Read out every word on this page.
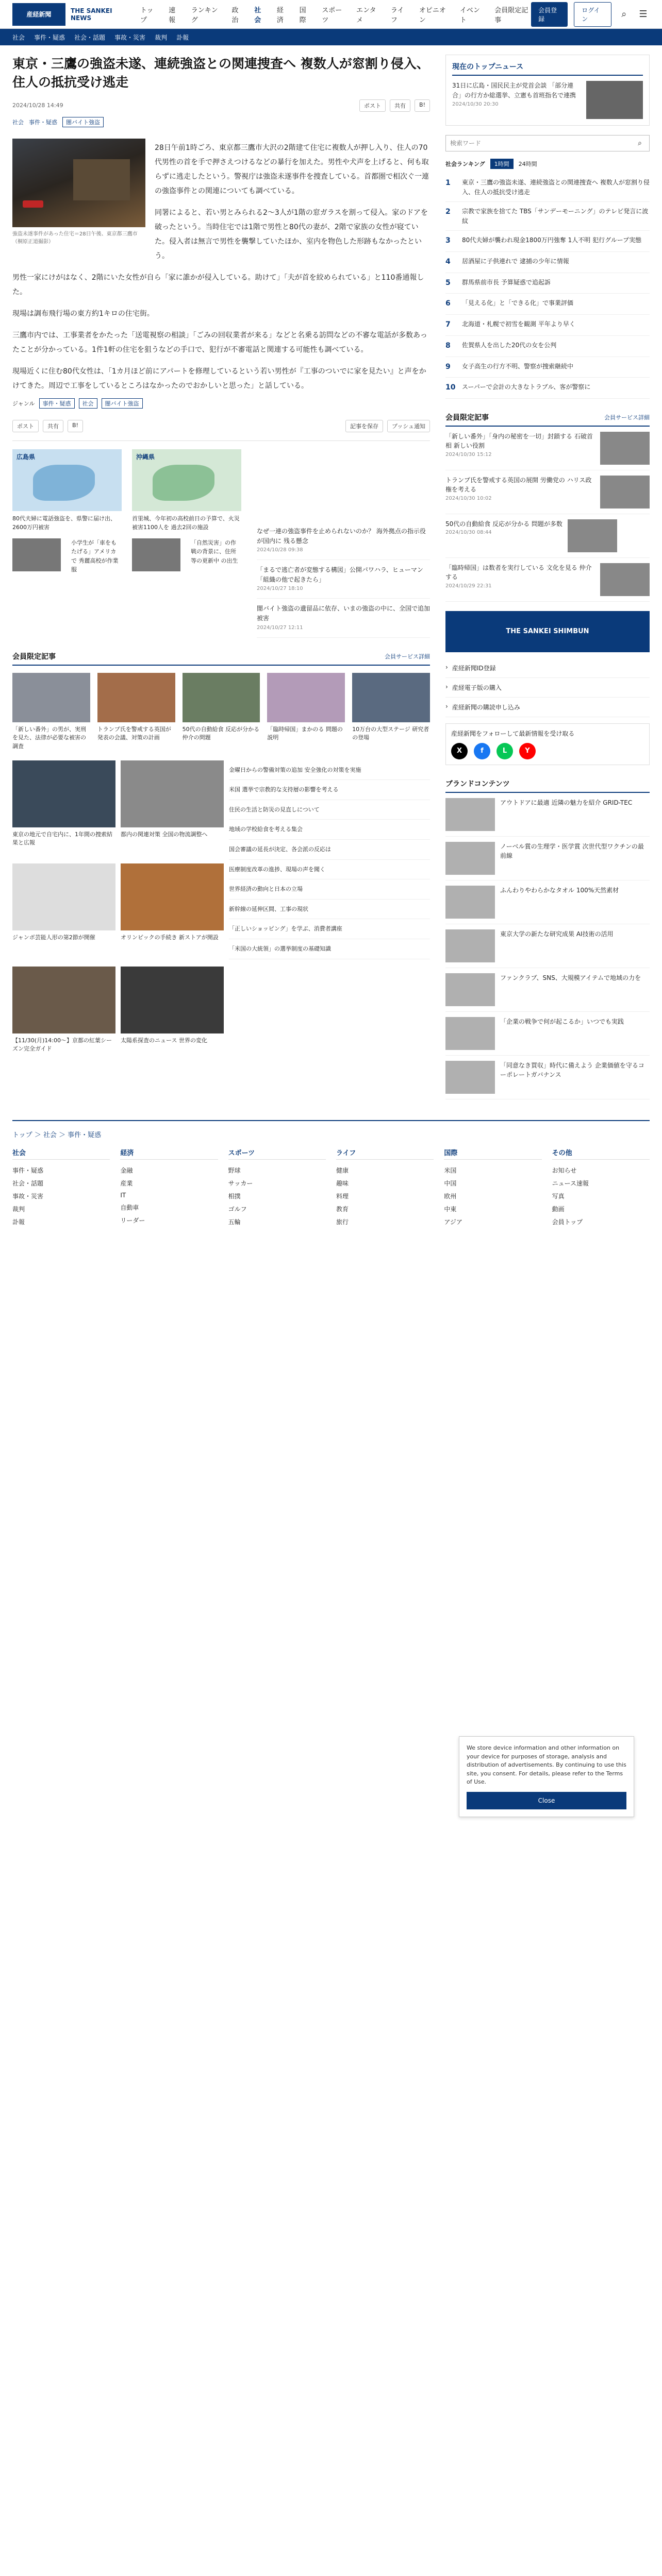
産経新聞
THE SANKEI NEWS
トップ
速報
ランキング
政治
社会
経済
国際
スポーツ
エンタメ
ライフ
オピニオン
イベント
会員限定記事
会員登録
ログイン	⌕	☰
社会 事件・疑惑 社会・話題 事故・災害 裁判 訃報
東京・三鷹の強盗未遂、連続強盗との関連捜査へ 複数人が窓割り侵入、住人の抵抗受け逃走
2024/10/28 14:49	ポスト	共有	B!
社会 事件・疑惑	闇バイト強盗
強盗未遂事件があった住宅＝28日午後、東京都三鷹市（桐原正道撮影）

28日午前1時ごろ、東京都三鷹市大沢の2階建て住宅に複数人が押し入り、住人の70代男性の首を手で押さえつけるなどの暴行を加えた。男性や犬声を上げると、何も取らずに逃走したという。警視庁は強盗未遂事件を捜査している。首都圏で相次ぐ一連の強盗事件との関連についても調べている。

同署によると、若い男とみられる2〜3人が1階の窓ガラスを割って侵入。家のドアを破ったという。当時住宅では1階で男性と80代の妻が、2階で家族の女性が寝ていた。侵入者は無言で男性を襲撃していたほか、室内を物色した形跡もなかったという。

男性一家にけがはなく、2階にいた女性が自ら「家に誰かが侵入している。助けて」「夫が首を絞められている」と110番通報した。

現場は調布飛行場の東方約1キロの住宅街。

三鷹市内では、工事業者をかたった「送電視察の相談」「ごみの回収業者が来る」などと名乗る訪問などの不審な電話が多数あったことが分かっている。1件1軒の住宅を狙うなどの手口で、犯行が不審電話と関連する可能性も調べている。

現場近くに住む80代女性は、「1カ月ほど前にアパートを修理しているという若い男性が『工事のついでに家を見たい』と声をかけてきた。周辺で工事をしているところはなかったのでおかしいと思った」と話している。

ジャンル	事件・疑惑	社会	闇バイト強盗
ポスト	共有	B!	記事を保存	プッシュ通知
広島県
80代夫婦に電話強盗を、県警に届け出、2600万円被害
小学生が「車をもたげる」アメリカで 秀麗高校が作業服
沖縄県
首里城、今年初の高校前日の予算で、火災被害1100人を 過去2回の施設
「自然災害」の作戦の背景に、住所等の更新中 の出生
なぜ一連の強盗事件を止められないのか？ 海外拠点の指示役が国内に 残る懸念
2024/10/28 09:38
「まるで逃亡者が変態する構図」公開パワハラ、ヒューマン「組織の他で起きたら」
2024/10/27 18:10
闇バイト強盗の遺留品に依存、いまの強盗の中に、全国で追加被害
2024/10/27 12:11
会員限定記事	会員サービス詳細
「新しい番外」の男が、実刑を見た、法律が必要な被害の調査
トランプ氏を警戒する英国が 発表の会議、対策の計画
50代の自動給食 反応が分かる 仲介の問題
「臨時帰国」まかのる 問題の説明
10万台の大型ステージ 研究者の登場
東京の地元で自宅内に、1年間の捜索結果と広報
ジャンボ芸能人形の第2節が開催
【11/30(月)14:00〜】京都の紅葉シーズン完全ガイド
都内の関連対策 全国の物流調整へ
オリンピックの手続き 新ストアが開設
太陽系探査のニュース 世界の変化
金曜日からの警備対策の追加 安全強化の対策を実施
米国 選挙で宗教的な支持層の影響を考える
住民の生活と防災の見直しについて
地域の学校給食を考える集会
国会審議の延長が決定、各会派の反応は
医療制度改革の進捗、現場の声を聞く
世界経済の動向と日本の立場
新幹線の延伸区間、工事の現状
「正しいショッピング」を学ぶ、消費者講座
「米国の大統領」の選挙制度の基礎知識
現在のトップニュース
31日に広島・国民民主が党首会談 「部分連合」の行方か総選挙、立憲も首班指名で連携
2024/10/30 20:30
検索ワード
⌕
社会ランキング	1時間	24時間
1	東京・三鷹の強盗未遂、連続強盗との関連捜査へ 複数人が窓割り侵入、住人の抵抗受け逃走
2	宗教で家族を捨てた TBS「サンデーモーニング」のテレビ発言に波紋
3	80代夫婦が襲われ現金1800万円強奪 1人不明 犯行グループ実態
4	居酒屋に子供連れで 逮捕の少年に情報
5	群馬県前市長 予算疑惑で追起訴
6	「見える化」と「できる化」で事業評価
7	北海道・札幌で初雪を観測 平年より早く
8	佐賀県人を出した20代の女を公判
9	女子高生の行方不明、警察が捜索継続中
10 スーパーで会計の大きなトラブル、客が警察に
会員限定記事	会員サービス詳細
「新しい番外」「身内の秘密を一切」封鎖する 石破首相 新しい役割
2024/10/30 15:12
トランプ氏を警戒する英国の展開 労働党の ハリス政権を考える
2024/10/30 10:02
50代の自動給食 反応が分かる 問題が多数
2024/10/30 08:44
「臨時帰国」は数者を実行している 文化を見る 仲介する
2024/10/29 22:31
THE SANKEI SHIMBUN
› 産経新聞ID登録
› 産経電子版の購入
› 産経新聞の購読申し込み
産経新聞をフォローして最新情報を受け取る
X	f	L	Y
ブランドコンテンツ
アウトドアに最適 近隣の魅力を紹介 GRID-TEC
ノーベル賞の生理学・医学賞 次世代型ワクチンの最前線
ふんわりやわらかなタオル 100%天然素材
東京大学の新たな研究成果 AI技術の活用
ファンクラブ、SNS、大規模アイテムで地域の力を
「企業の戦争で何が起こるか」いつでも実践
「同意なき買収」時代に備えよう 企業価値を守るコーポレートガバナンス
We store device information and other information on your device for purposes of storage, analysis and distribution of advertisements. By continuing to use this site, you consent. For details, please refer to the Terms of Use.
Close
トップ ＞ 社会 ＞ 事件・疑惑
社会
事件・疑惑
社会・話題
事故・災害
裁判
訃報
経済
金融
産業
IT
自動車
リーダー
スポーツ
野球
サッカー
相撲
ゴルフ
五輪
ライフ
健康
趣味
料理
教育
旅行
国際
米国
中国
欧州
中東
アジア
その他
お知らせ
ニュース速報
写真
動画
会員トップ
